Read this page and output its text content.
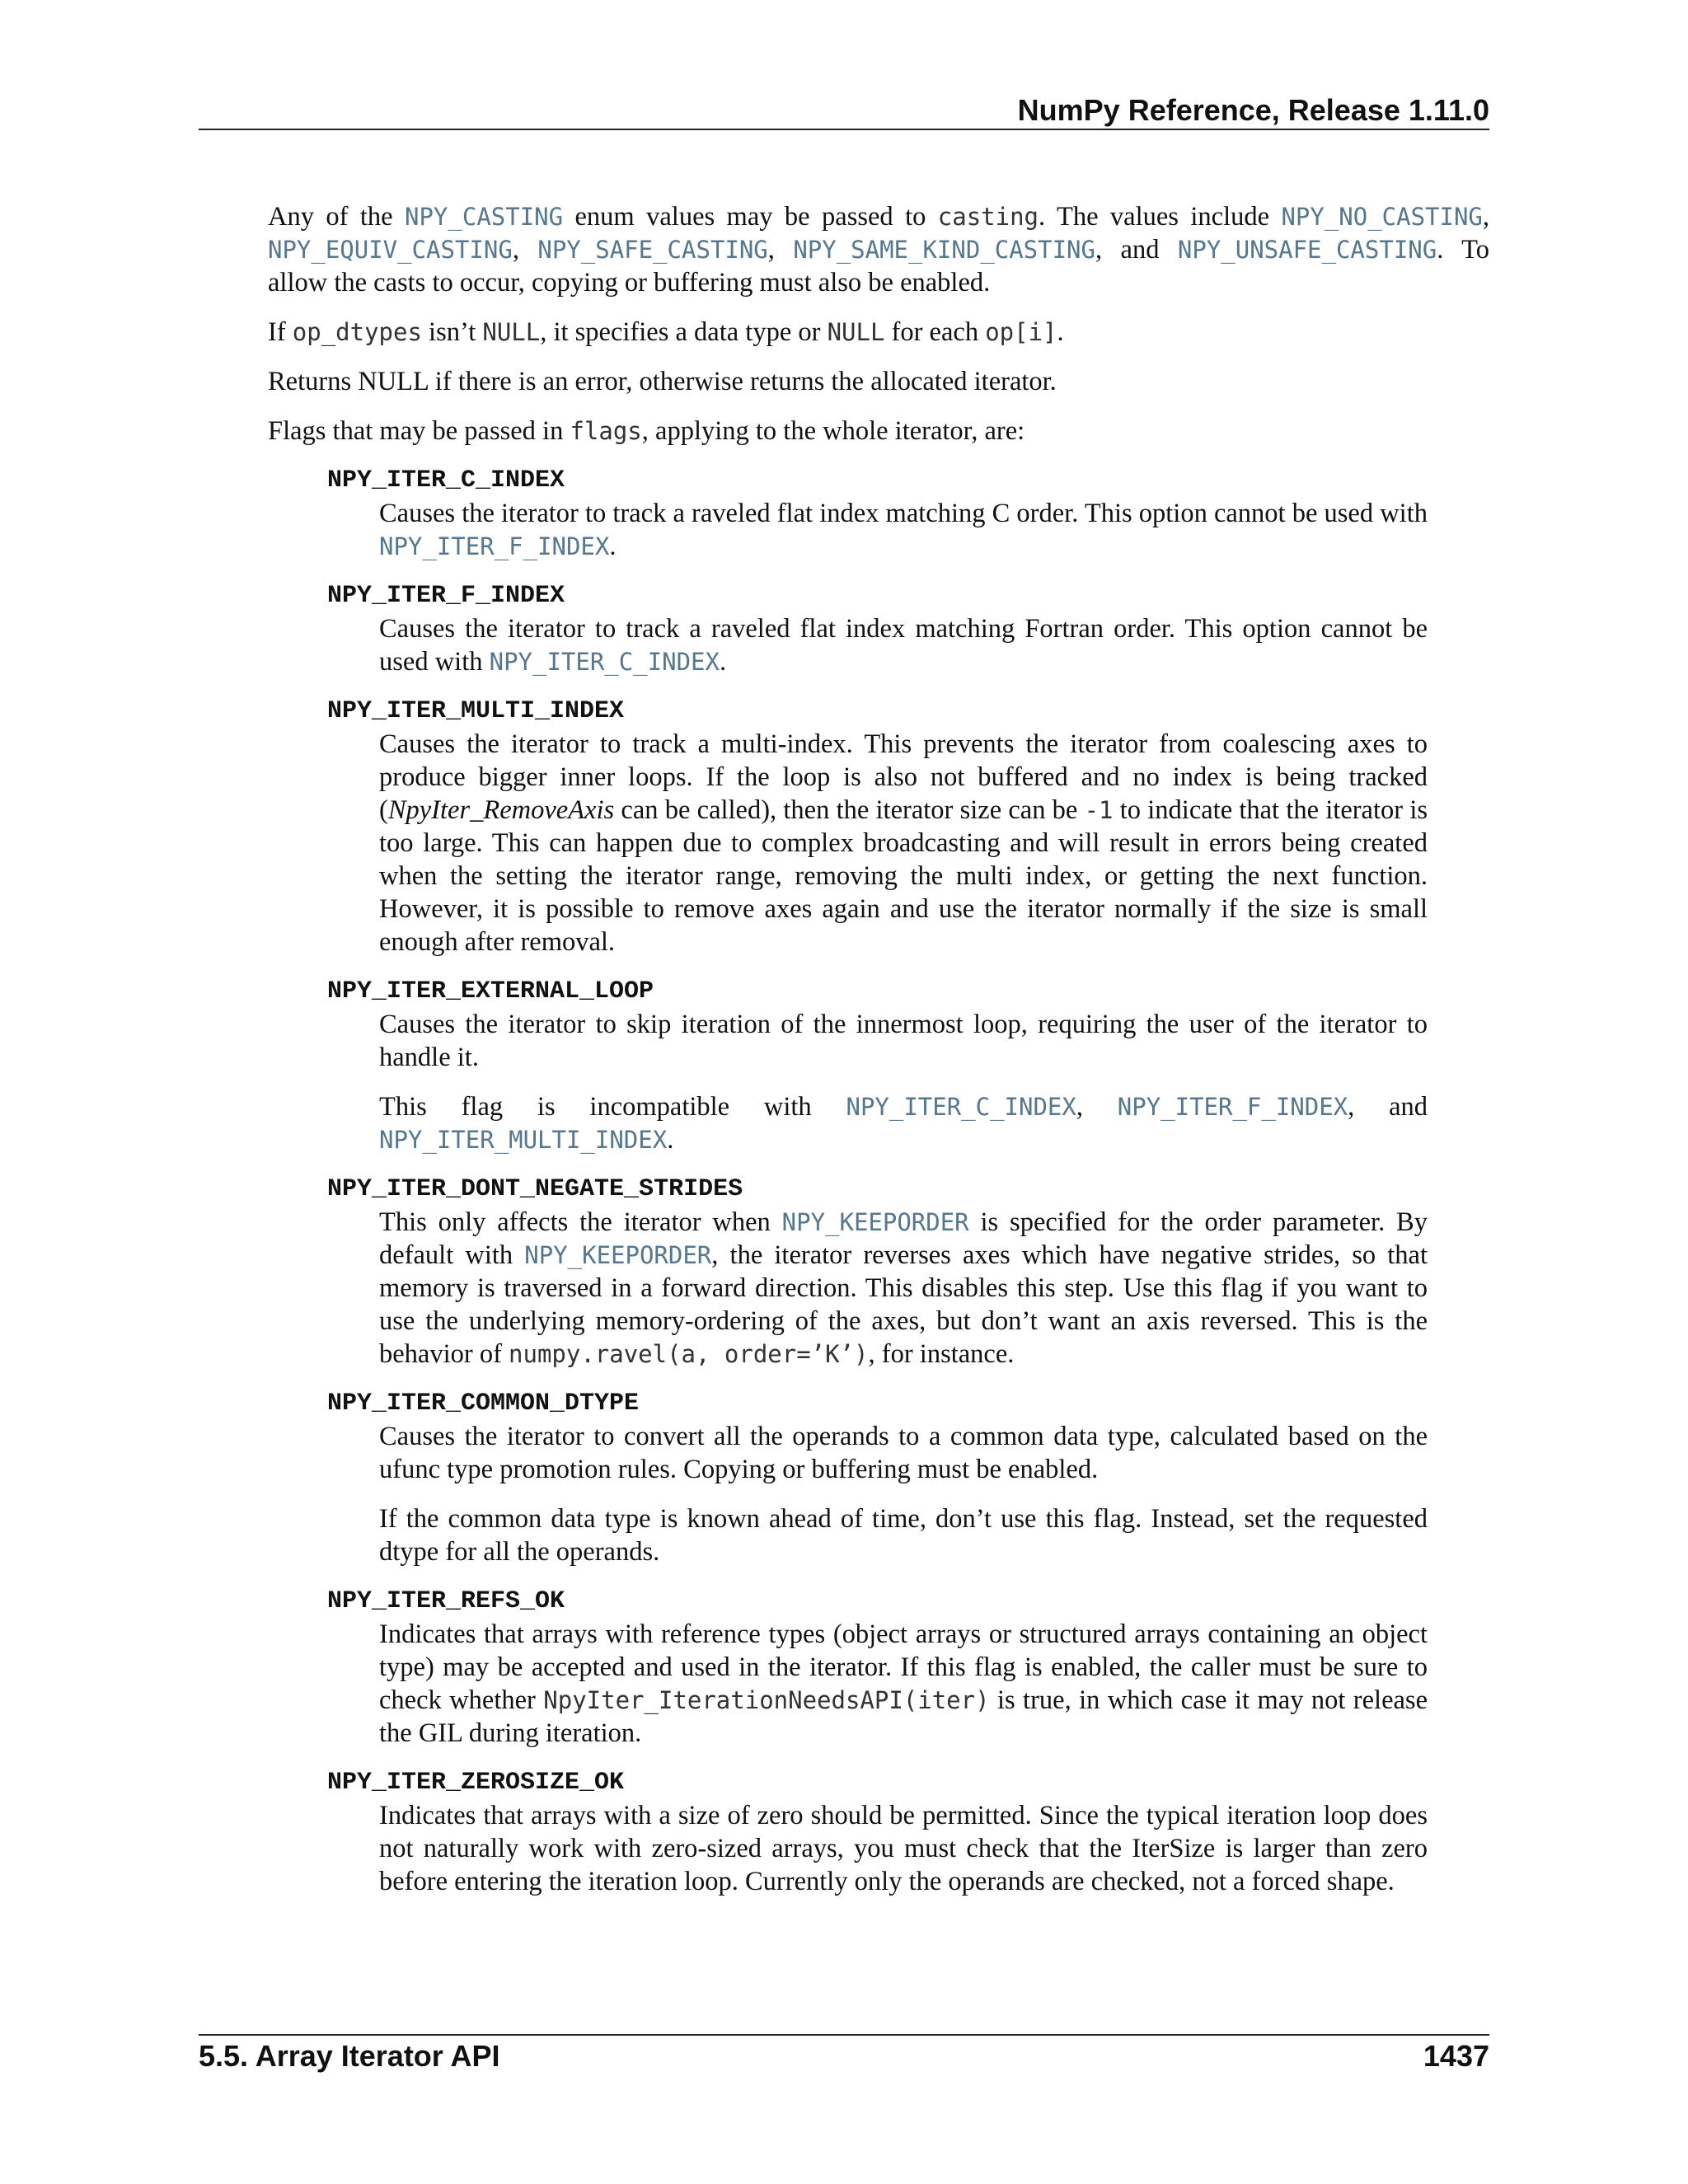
NumPy Reference, Release 1.11.0

Any of the NPY_CASTING enum values may be passed to casting. The values include NPY_NO_CASTING, NPY_EQUIV_CASTING, NPY_SAFE_CASTING, NPY_SAME_KIND_CASTING, and NPY_UNSAFE_CASTING. To allow the casts to occur, copying or buffering must also be enabled.

If op_dtypes isn’t NULL, it specifies a data type or NULL for each op[i].

Returns NULL if there is an error, otherwise returns the allocated iterator.

Flags that may be passed in flags, applying to the whole iterator, are:

NPY_ITER_C_INDEX

Causes the iterator to track a raveled flat index matching C order. This option cannot be used with NPY_ITER_F_INDEX.

NPY_ITER_F_INDEX

Causes the iterator to track a raveled flat index matching Fortran order. This option cannot be used with NPY_ITER_C_INDEX.

NPY_ITER_MULTI_INDEX

Causes the iterator to track a multi-index. This prevents the iterator from coalescing axes to produce bigger inner loops. If the loop is also not buffered and no index is being tracked (NpyIter_RemoveAxis can be called), then the iterator size can be -1 to indicate that the iterator is too large. This can happen due to complex broadcasting and will result in errors being created when the setting the iterator range, removing the multi index, or getting the next function. However, it is possible to remove axes again and use the iterator normally if the size is small enough after removal.

NPY_ITER_EXTERNAL_LOOP

Causes the iterator to skip iteration of the innermost loop, requiring the user of the iterator to handle it.

This flag is incompatible with NPY_ITER_C_INDEX, NPY_ITER_F_INDEX, and NPY_ITER_MULTI_INDEX.

NPY_ITER_DONT_NEGATE_STRIDES

This only affects the iterator when NPY_KEEPORDER is specified for the order parameter. By default with NPY_KEEPORDER, the iterator reverses axes which have negative strides, so that memory is traversed in a forward direction. This disables this step. Use this flag if you want to use the underlying memory-ordering of the axes, but don’t want an axis reversed. This is the behavior of numpy.ravel(a, order=’K’), for instance.

NPY_ITER_COMMON_DTYPE

Causes the iterator to convert all the operands to a common data type, calculated based on the ufunc type promotion rules. Copying or buffering must be enabled.

If the common data type is known ahead of time, don’t use this flag. Instead, set the requested dtype for all the operands.

NPY_ITER_REFS_OK

Indicates that arrays with reference types (object arrays or structured arrays containing an object type) may be accepted and used in the iterator. If this flag is enabled, the caller must be sure to check whether NpyIter_IterationNeedsAPI(iter) is true, in which case it may not release the GIL during iteration.

NPY_ITER_ZEROSIZE_OK

Indicates that arrays with a size of zero should be permitted. Since the typical iteration loop does not naturally work with zero-sized arrays, you must check that the IterSize is larger than zero before entering the iteration loop. Currently only the operands are checked, not a forced shape.

5.5. Array Iterator API	1437
